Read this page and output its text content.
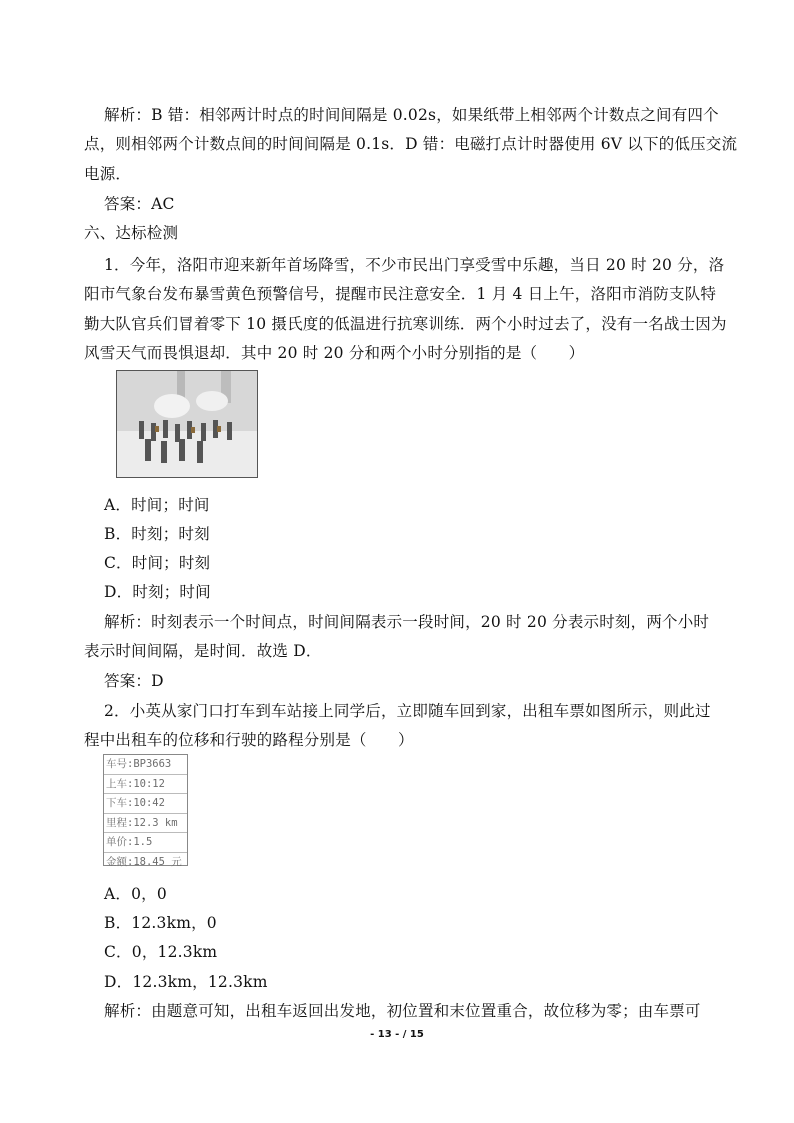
解析：B 错：相邻两计时点的时间间隔是 0.02s，如果纸带上相邻两个计数点之间有四个
点，则相邻两个计数点间的时间间隔是 0.1s．D 错：电磁打点计时器使用 6V 以下的低压交流
电源．
答案：AC
六、达标检测
1．今年，洛阳市迎来新年首场降雪，不少市民出门享受雪中乐趣，当日 20 时 20 分，洛
阳市气象台发布暴雪黄色预警信号，提醒市民注意安全．1 月 4 日上午，洛阳市消防支队特
勤大队官兵们冒着零下 10 摄氏度的低温进行抗寒训练．两个小时过去了，没有一名战士因为
风雪天气而畏惧退却．其中 20 时 20 分和两个小时分别指的是（　　）
A．时间；时间
B．时刻；时刻
C．时间；时刻
D．时刻；时间
解析：时刻表示一个时间点，时间间隔表示一段时间，20 时 20 分表示时刻，两个小时
表示时间间隔，是时间．故选 D．
答案：D
2．小英从家门口打车到车站接上同学后，立即随车回到家，出租车票如图所示，则此过
程中出租车的位移和行驶的路程分别是（　　）
车号:BP3663
上车:10:12
下车:10:42
里程:12.3 km
单价:1.5
金额:18.45 元
A．0，0
B．12.3km，0
C．0，12.3km
D．12.3km，12.3km
解析：由题意可知，出租车返回出发地，初位置和末位置重合，故位移为零；由车票可
- 13 - / 15
